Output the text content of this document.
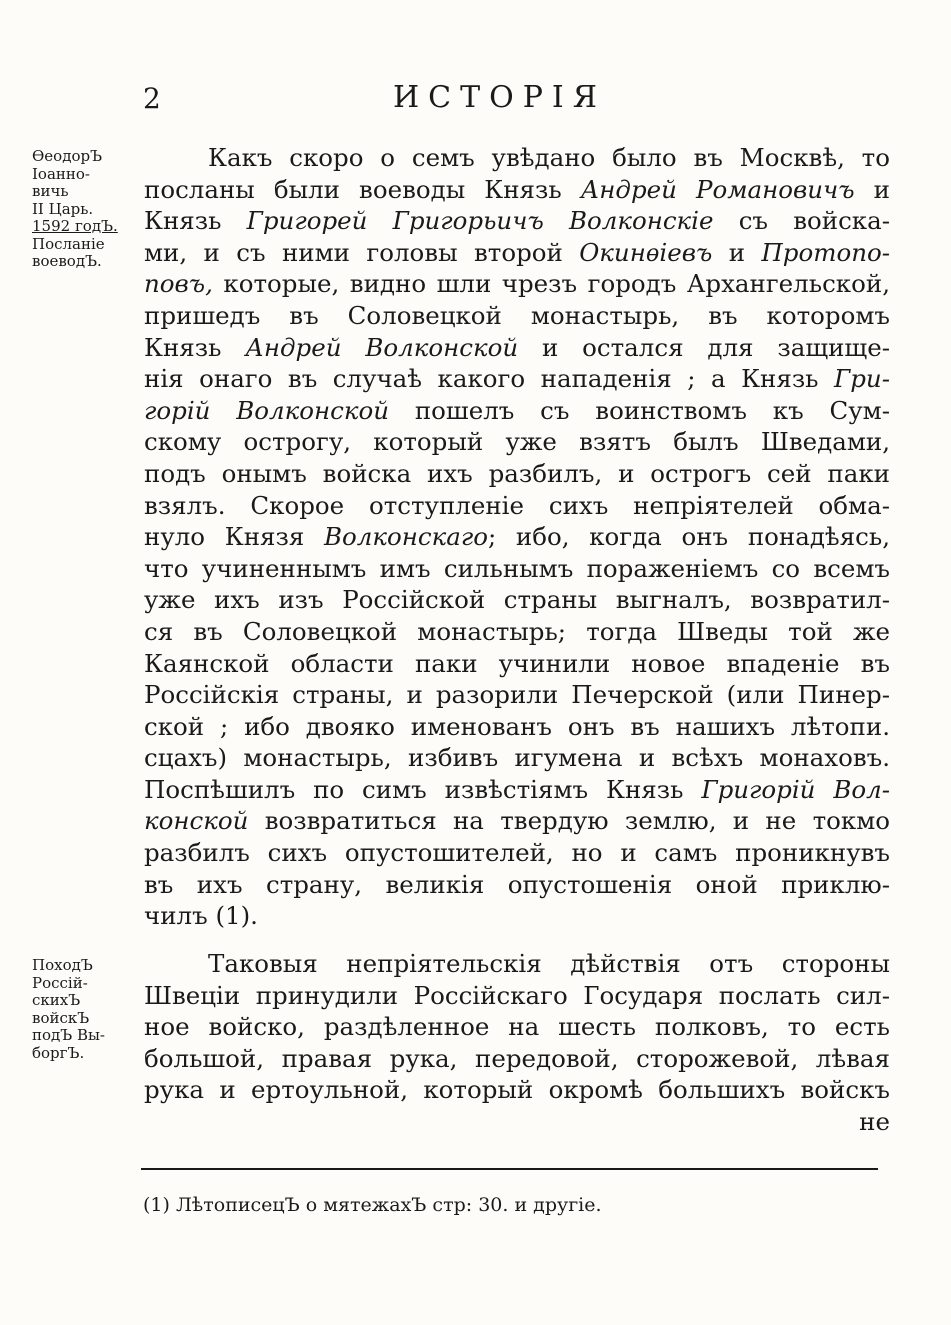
2	ИСТОРІЯ
ѲеодорЪ
Іоанно-
вичь
II Царь.
1592 годЪ.
Посланіе
воеводЪ.
ПоходЪ
Россій-
скихЪ
войскЪ
подЪ Вы-
боргЪ.
Какъ скоро о семъ увѣдано было въ Москвѣ, то
посланы были воеводы Князь Андрей Романовичъ и
Князь Григорей Григорьичъ Волконскіе съ войска-
ми, и съ ними головы второй Окинѳіевъ и Протопо-
повъ, которые, видно шли чрезъ городъ Архангельской,
пришедъ въ Соловецкой монастырь, въ которомъ
Князь Андрей Волконской и остался для защище-
нія онаго въ случаѣ какого нападенія ; а Князь Гри-
горій Волконской пошелъ съ воинствомъ къ Сум-
скому острогу, который уже взятъ былъ Шведами,
подъ онымъ войска ихъ разбилъ, и острогъ сей паки
взялъ. Скорое отступленіе сихъ непріятелей обма-
нуло Князя Волконскаго; ибо, когда онъ понадѣясь,
что учиненнымъ имъ сильнымъ пораженіемъ со всемъ
уже ихъ изъ Россійской страны выгналъ, возвратил-
ся въ Соловецкой монастырь; тогда Шведы той же
Каянской области паки учинили новое впаденіе въ
Россійскія страны, и разорили Печерской (или Пинер-
ской ; ибо двояко именованъ онъ въ нашихъ лѣтопи.
сцахъ) монастырь, избивъ игумена и всѣхъ монаховъ.
Поспѣшилъ по симъ извѣстіямъ Князь Григорій Вол-
конской возвратиться на твердую землю, и не токмо
разбилъ сихъ опустошителей, но и самъ проникнувъ
въ ихъ страну, великія опустошенія оной приклю-
чилъ (1).
Таковыя непріятельскія дѣйствія отъ стороны
Швецiи принудили Россійскаго Государя послать сил-
ное войско, раздѣленное на шесть полковъ, то есть
большой, правая рука, передовой, сторожевой, лѣвая
рука и ертоульной, который окромѣ большихъ войскъ
не
(1) ЛѣтописецЪ о мятежахЪ стр: 30. и другіе.
